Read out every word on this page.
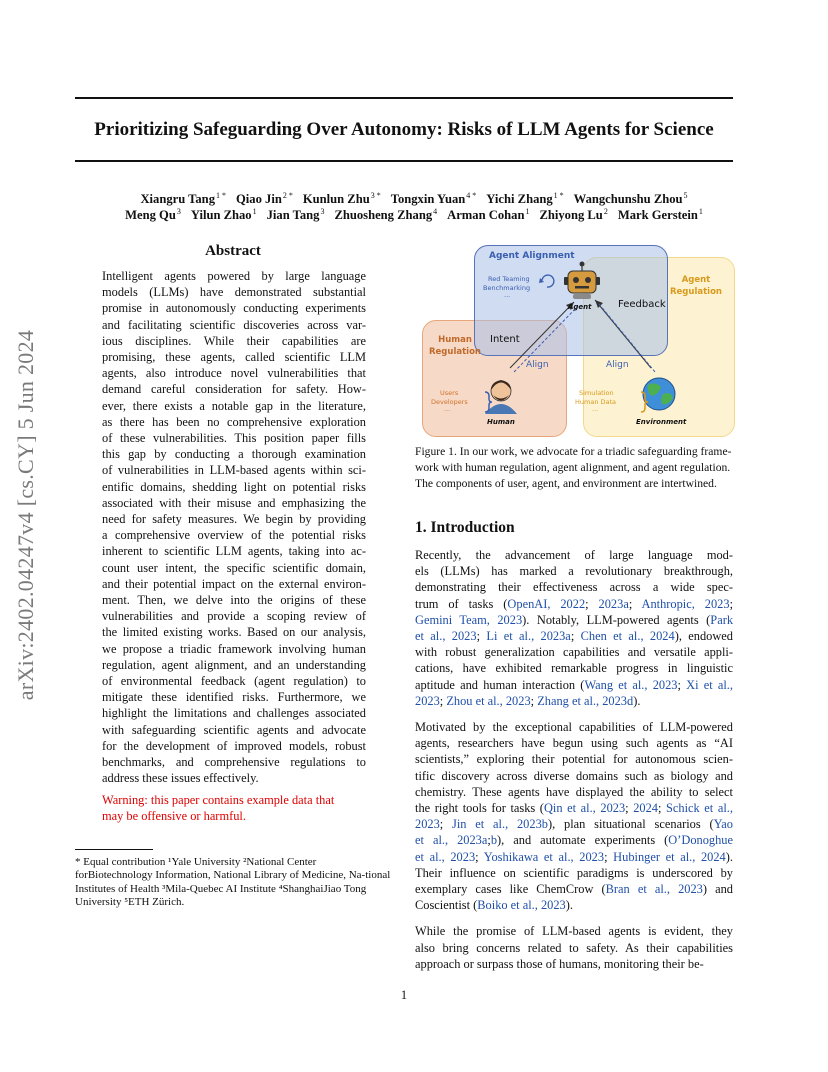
Prioritizing Safeguarding Over Autonomy: Risks of LLM Agents for Science
Xiangru Tang$^{1 *}$ Qiao Jin$^{2 *}$ Kunlun Zhu$^{3 *}$ Tongxin Yuan$^{4 *}$ Yichi Zhang$^{1 *}$ Wangchunshu Zhou$^5$
Meng Qu$^3$ Yilun Zhao$^1$ Jian Tang$^3$ Zhuosheng Zhang$^4$ Arman Cohan$^1$ Zhiyong Lu$^2$ Mark Gerstein$^1$
arXiv:2402.04247v4 [cs.CY] 5 Jun 2024
Abstract
Intelligent agents powered by large language
models (LLMs) have demonstrated substantial
promise in autonomously conducting experiments
and facilitating scientific discoveries across var-
ious disciplines. While their capabilities are
promising, these agents, called scientific LLM
agents, also introduce novel vulnerabilities that
demand careful consideration for safety. How-
ever, there exists a notable gap in the literature,
as there has been no comprehensive exploration
of these vulnerabilities. This position paper fills
this gap by conducting a thorough examination
of vulnerabilities in LLM-based agents within sci-
entific domains, shedding light on potential risks
associated with their misuse and emphasizing the
need for safety measures. We begin by providing
a comprehensive overview of the potential risks
inherent to scientific LLM agents, taking into ac-
count user intent, the specific scientific domain,
and their potential impact on the external environ-
ment. Then, we delve into the origins of these
vulnerabilities and provide a scoping review of
the limited existing works. Based on our analysis,
we propose a triadic framework involving human
regulation, agent alignment, and an understanding
of environmental feedback (agent regulation) to
mitigate these identified risks. Furthermore, we
highlight the limitations and challenges associated
with safeguarding scientific agents and advocate
for the development of improved models, robust
benchmarks, and comprehensive regulations to
address these issues effectively.
Warning: this paper contains example data that
may be offensive or harmful.
* Equal contribution ¹Yale University ²National Center forBiotechnology Information, National Library of Medicine, Na-tional Institutes of Health ³Mila-Quebec AI Institute ⁴ShanghaiJiao Tong University ⁵ETH Zürich.
Agent Alignment
Agent
Regulation
Human
Regulation
Red Teaming
Benchmarking
...
Agent	Feedback
Intent
Align	Align
Users
Developers
...
Simulation
Human Data
...
Human	Environment
Figure 1. In our work, we advocate for a triadic safeguarding frame-
work with human regulation, agent alignment, and agent regulation.
The components of user, agent, and environment are intertwined.
1. Introduction
Recently, the advancement of large language mod-
els (LLMs) has marked a revolutionary breakthrough,
demonstrating their effectiveness across a wide spec-
trum of tasks (OpenAI, 2022; 2023a; Anthropic, 2023;
Gemini Team, 2023). Notably, LLM-powered agents (Park
et al., 2023; Li et al., 2023a; Chen et al., 2024), endowed
with robust generalization capabilities and versatile appli-
cations, have exhibited remarkable progress in linguistic
aptitude and human interaction (Wang et al., 2023; Xi et al.,
2023; Zhou et al., 2023; Zhang et al., 2023d).
Motivated by the exceptional capabilities of LLM-powered
agents, researchers have begun using such agents as “AI
scientists,” exploring their potential for autonomous scien-
tific discovery across diverse domains such as biology and
chemistry. These agents have displayed the ability to select
the right tools for tasks (Qin et al., 2023; 2024; Schick et al.,
2023; Jin et al., 2023b), plan situational scenarios (Yao
et al., 2023a;b), and automate experiments (O’Donoghue
et al., 2023; Yoshikawa et al., 2023; Hubinger et al., 2024).
Their influence on scientific paradigms is underscored by
exemplary cases like ChemCrow (Bran et al., 2023) and
Coscientist (Boiko et al., 2023).
While the promise of LLM-based agents is evident, they
also bring concerns related to safety. As their capabilities
approach or surpass those of humans, monitoring their be-
1
